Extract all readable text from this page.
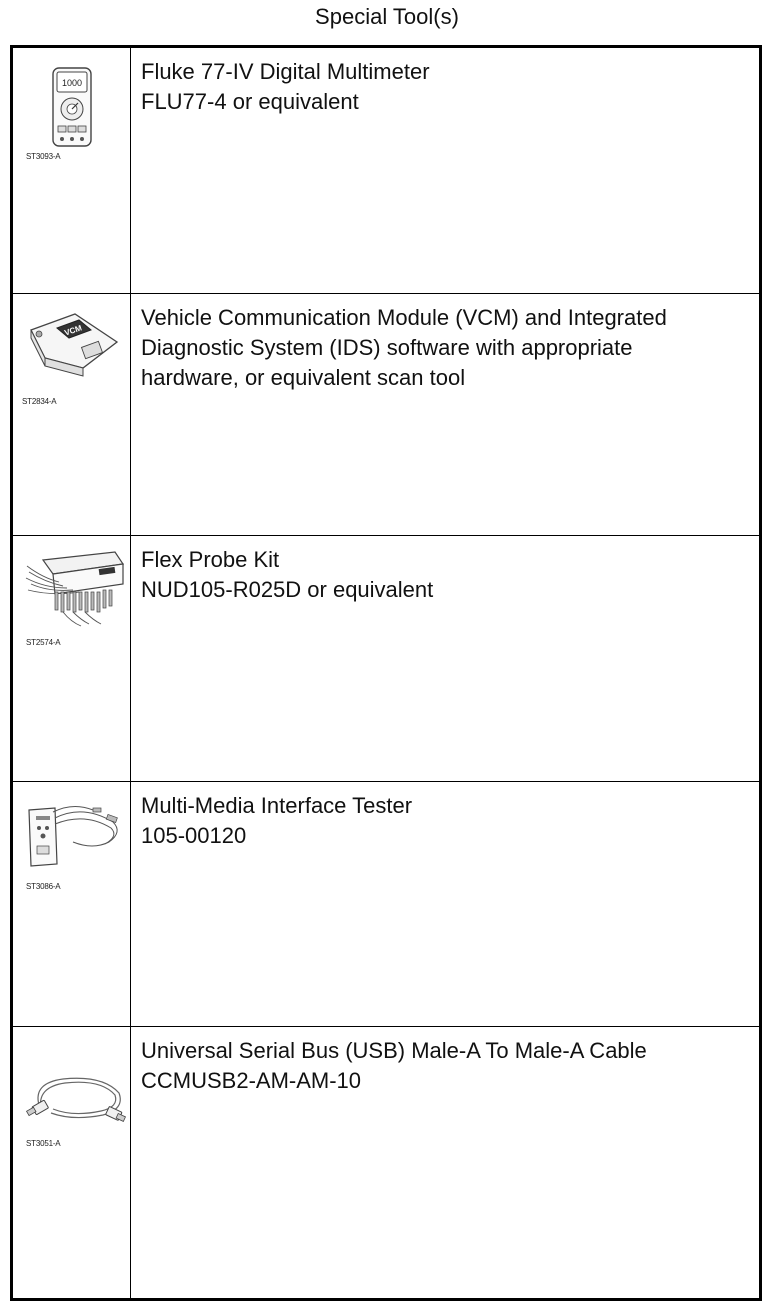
Special Tool(s)
1000
ST3093-A
Fluke 77-IV Digital Multimeter
FLU77-4 or equivalent
VCM
ST2834-A
Vehicle Communication Module (VCM) and Integrated
Diagnostic System (IDS) software with appropriate
hardware, or equivalent scan tool
ST2574-A
Flex Probe Kit
NUD105-R025D or equivalent
ST3086-A
Multi-Media Interface Tester
105-00120
ST3051-A
Universal Serial Bus (USB) Male-A To Male-A Cable
CCMUSB2-AM-AM-10
